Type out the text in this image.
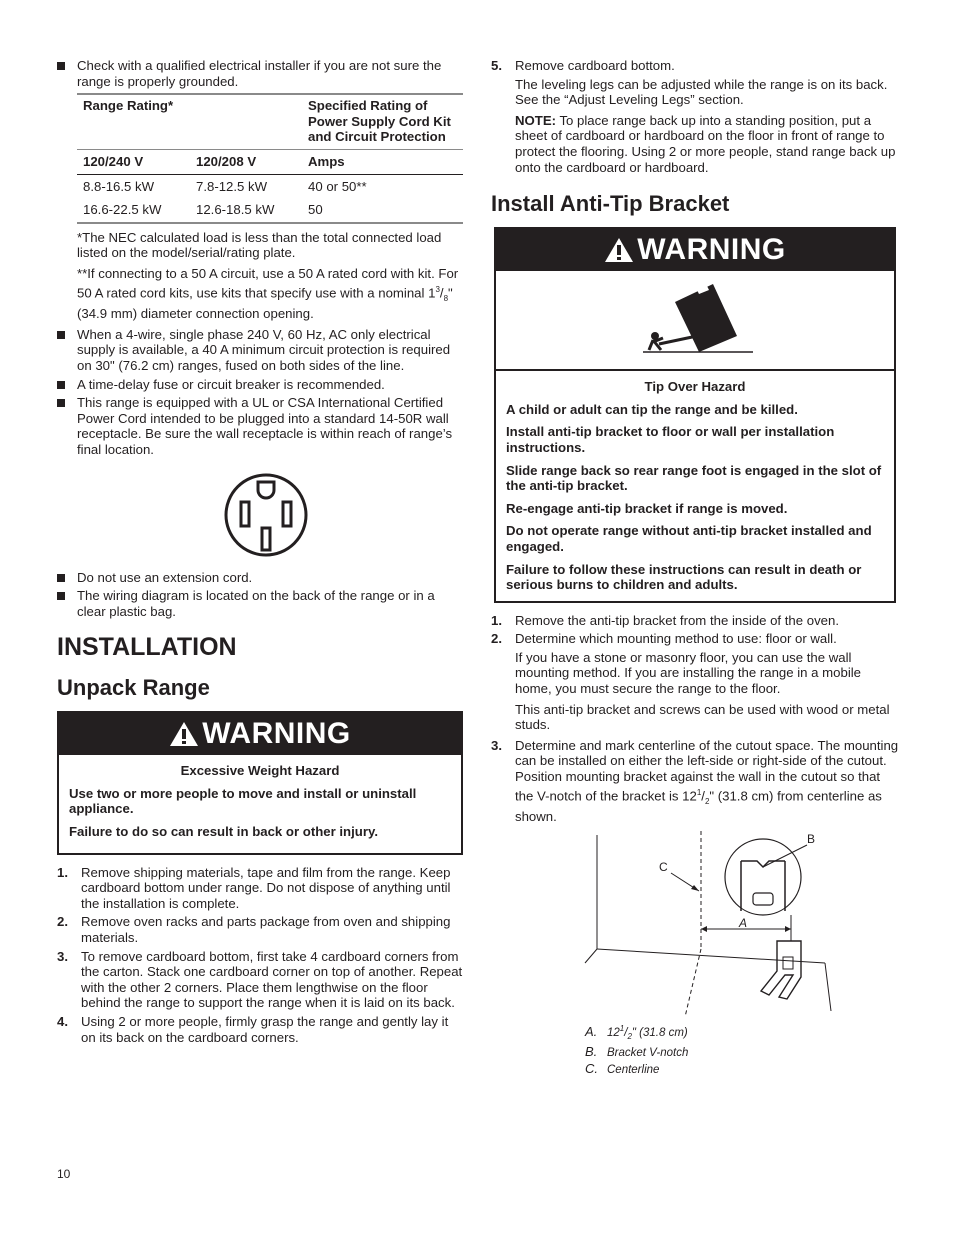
Check with a qualified electrical installer if you are not sure the range is properly grounded.
Range Rating*		Specified Rating of Power Supply Cord Kit and Circuit Protection
120/240 V	120/208 V	Amps
8.8-16.5 kW	7.8-12.5 kW	40 or 50**
16.6-22.5 kW	12.6-18.5 kW	50
*The NEC calculated load is less than the total connected load listed on the model/serial/rating plate.
**If connecting to a 50 A circuit, use a 50 A rated cord with kit. For 50 A rated cord kits, use kits that specify use with a nominal $1^3/_8$" (34.9 mm) diameter connection opening.
When a 4-wire, single phase 240 V, 60 Hz, AC only electrical supply is available, a 40 A minimum circuit protection is required on 30" (76.2 cm) ranges, fused on both sides of the line.
A time-delay fuse or circuit breaker is recommended.
This range is equipped with a UL or CSA International Certified Power Cord intended to be plugged into a standard 14-50R wall receptacle. Be sure the wall receptacle is within reach of range’s final location.
Do not use an extension cord.
The wiring diagram is located on the back of the range or in a clear plastic bag.
INSTALLATION
Unpack Range
WARNING

Excessive Weight Hazard

Use two or more people to move and install or uninstall appliance.

Failure to do so can result in back or other injury.

1. Remove shipping materials, tape and film from the range. Keep cardboard bottom under range. Do not dispose of anything until the installation is complete.
2. Remove oven racks and parts package from oven and shipping materials.
3. To remove cardboard bottom, first take 4 cardboard corners from the carton. Stack one cardboard corner on top of another. Repeat with the other 2 corners. Place them lengthwise on the floor behind the range to support the range when it is laid on its back.
4. Using 2 or more people, firmly grasp the range and gently lay it on its back on the cardboard corners.
5. Remove cardboard bottom.
The leveling legs can be adjusted while the range is on its back. See the “Adjust Leveling Legs” section.
NOTE: To place range back up into a standing position, put a sheet of cardboard or hardboard on the floor in front of range to protect the flooring. Using 2 or more people, stand range back up onto the cardboard or hardboard.
Install Anti-Tip Bracket
WARNING

Tip Over Hazard

A child or adult can tip the range and be killed.

Install anti-tip bracket to floor or wall per installation instructions.

Slide range back so rear range foot is engaged in the slot of the anti-tip bracket.

Re-engage anti-tip bracket if range is moved.

Do not operate range without anti-tip bracket installed and engaged.

Failure to follow these instructions can result in death or serious burns to children and adults.

1. Remove the anti-tip bracket from the inside of the oven.
2. Determine which mounting method to use: floor or wall.
If you have a stone or masonry floor, you can use the wall mounting method. If you are installing the range in a mobile home, you must secure the range to the floor.
This anti-tip bracket and screws can be used with wood or metal studs.
3. Determine and mark centerline of the cutout space. The mounting can be installed on either the left-side or right-side of the cutout. Position mounting bracket against the wall in the cutout so that the V-notch of the bracket is $12^1/_2$" (31.8 cm) from centerline as shown.
B
C
A
A. $12^1/_2$" (31.8 cm)
B. Bracket V-notch
C. Centerline
10
